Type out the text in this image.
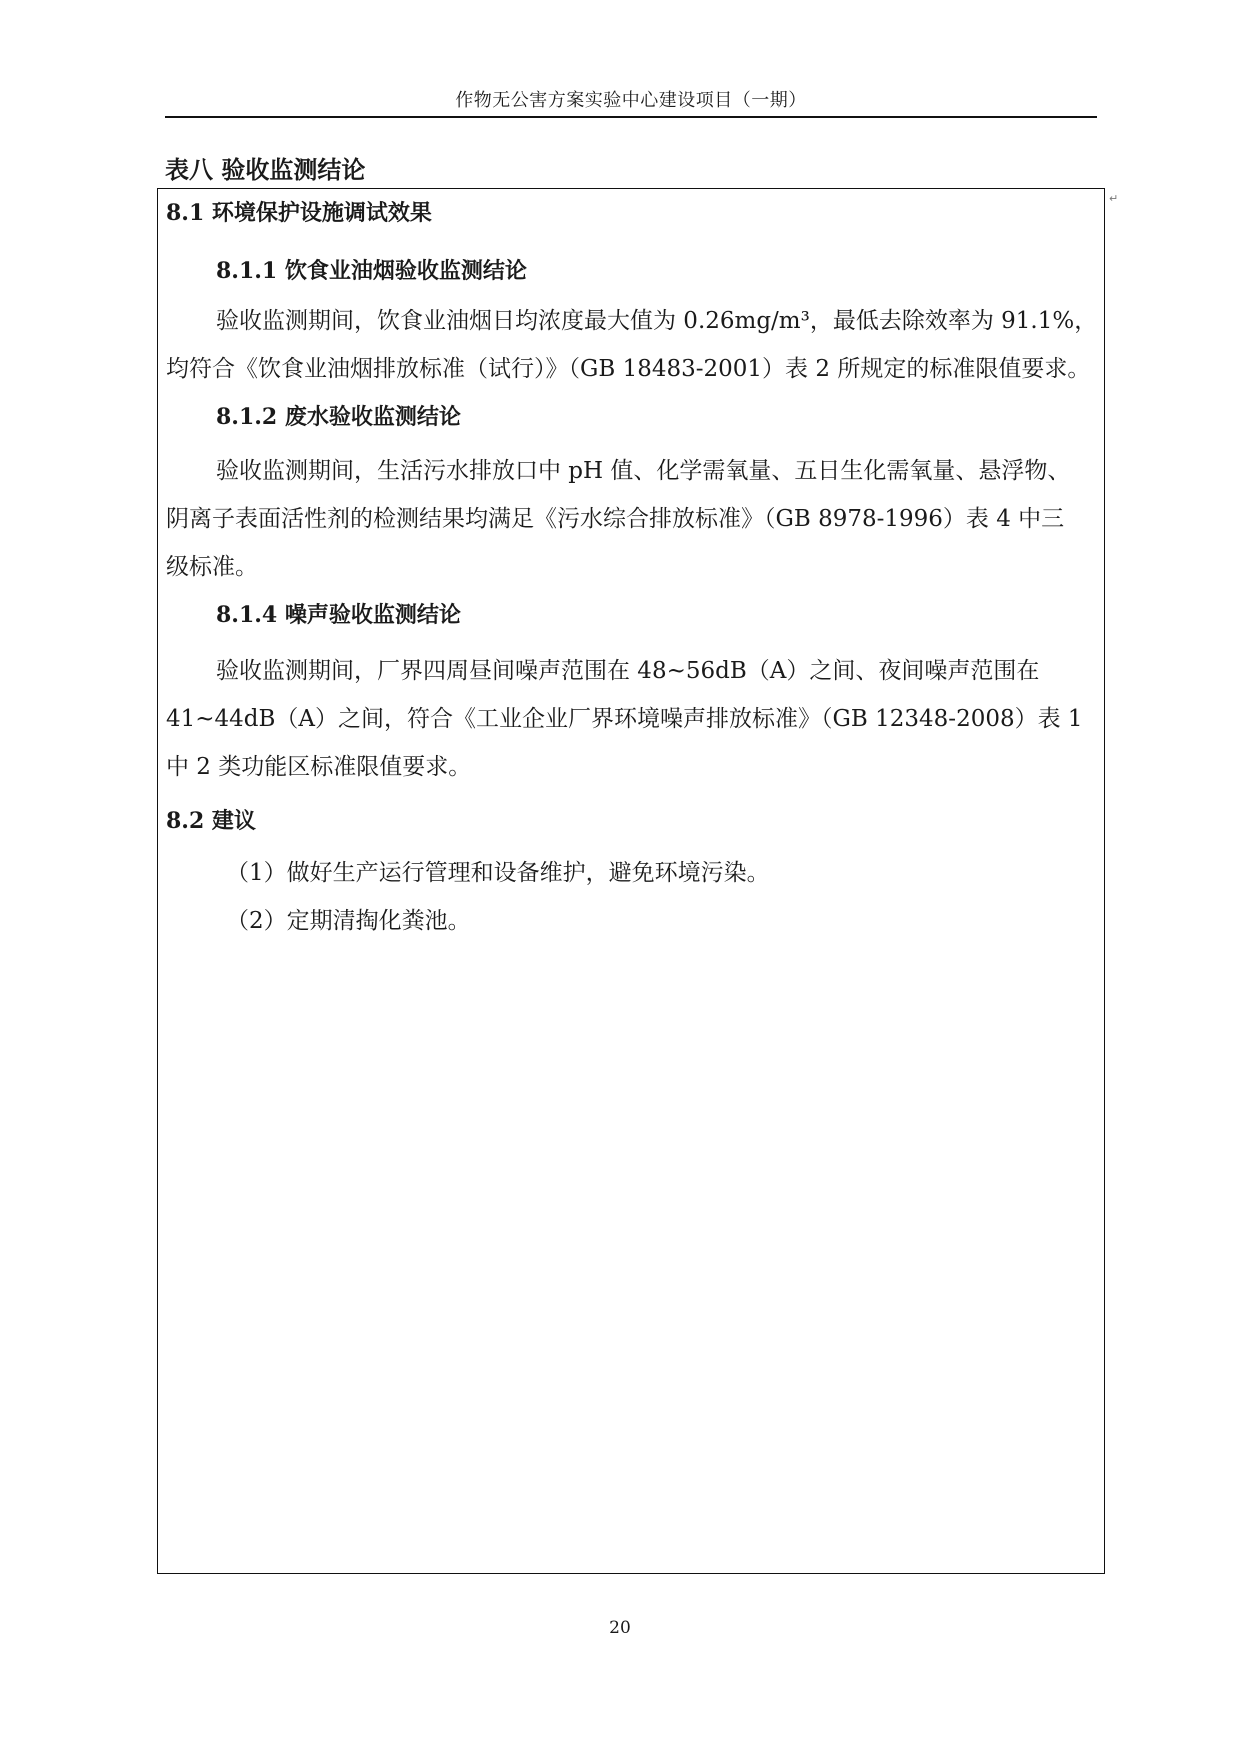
作物无公害方案实验中心建设项目（一期）
表八 验收监测结论
↵
8.1 环境保护设施调试效果
8.1.1 饮食业油烟验收监测结论
验收监测期间，饮食业油烟日均浓度最大值为 0.26mg/m³，最低去除效率为 91.1%，
均符合《饮食业油烟排放标准（试行）》（GB 18483-2001）表 2 所规定的标准限值要求。
8.1.2 废水验收监测结论
验收监测期间，生活污水排放口中 pH 值、化学需氧量、五日生化需氧量、悬浮物、
阴离子表面活性剂的检测结果均满足《污水综合排放标准》（GB 8978-1996）表 4 中三
级标准。
8.1.4 噪声验收监测结论
验收监测期间，厂界四周昼间噪声范围在 48~56dB（A）之间、夜间噪声范围在
41~44dB（A）之间，符合《工业企业厂界环境噪声排放标准》（GB 12348-2008）表 1
中 2 类功能区标准限值要求。
8.2 建议
（1）做好生产运行管理和设备维护，避免环境污染。
（2）定期清掏化粪池。
20
